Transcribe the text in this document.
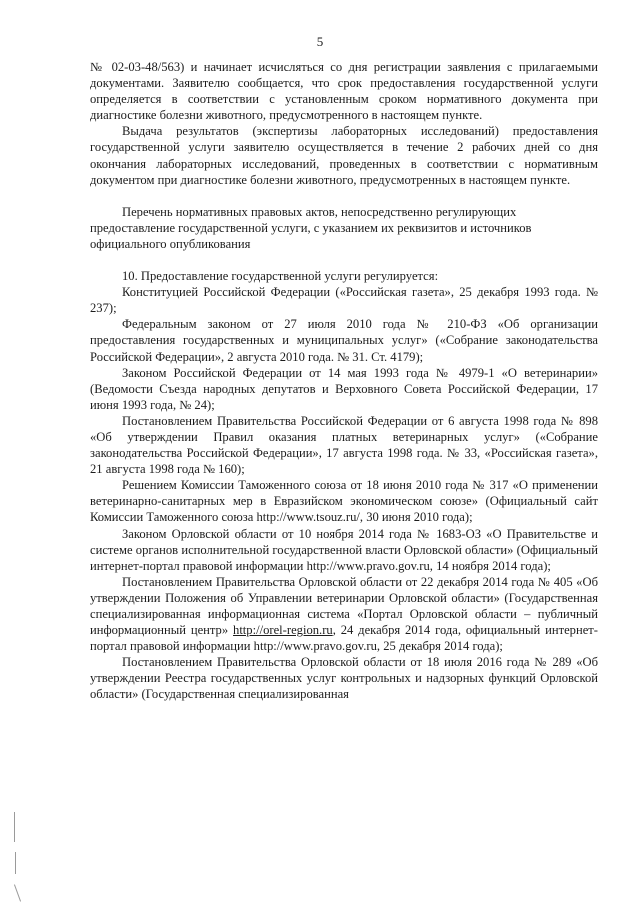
5

№ 02-03-48/563) и начинает исчисляться со дня регистрации заявления с прилагаемыми документами. Заявителю сообщается, что срок предоставления государственной услуги определяется в соответствии с установленным сроком нормативного документа при диагностике болезни животного, предусмотренного в настоящем пункте.

Выдача результатов (экспертизы лабораторных исследований) предоставления государственной услуги заявителю осуществляется в течение 2 рабочих дней со дня окончания лабораторных исследований, проведенных в соответствии с нормативным документом при диагностике болезни животного, предусмотренных в настоящем пункте.

Перечень нормативных правовых актов, непосредственно регулирующих предоставление государственной услуги, с указанием их реквизитов и источников официального опубликования

10. Предоставление государственной услуги регулируется:

Конституцией Российской Федерации («Российская газета», 25 декабря 1993 года. № 237);

Федеральным законом от 27 июля 2010 года № 210-ФЗ «Об организации предоставления государственных и муниципальных услуг» («Собрание законодательства Российской Федерации», 2 августа 2010 года. № 31. Ст. 4179);

Законом Российской Федерации от 14 мая 1993 года № 4979-1 «О ветеринарии» (Ведомости Съезда народных депутатов и Верховного Совета Российской Федерации, 17 июня 1993 года, № 24);

Постановлением Правительства Российской Федерации от 6 августа 1998 года № 898 «Об утверждении Правил оказания платных ветеринарных услуг» («Собрание законодательства Российской Федерации», 17 августа 1998 года. № 33, «Российская газета», 21 августа 1998 года № 160);

Решением Комиссии Таможенного союза от 18 июня 2010 года № 317 «О применении ветеринарно-санитарных мер в Евразийском экономическом союзе» (Официальный сайт Комиссии Таможенного союза http://www.tsouz.ru/, 30 июня 2010 года);

Законом Орловской области от 10 ноября 2014 года № 1683-ОЗ «О Правительстве и системе органов исполнительной государственной власти Орловской области» (Официальный интернет-портал правовой информации http://www.pravo.gov.ru, 14 ноября 2014 года);

Постановлением Правительства Орловской области от 22 декабря 2014 года № 405 «Об утверждении Положения об Управлении ветеринарии Орловской области» (Государственная специализированная информационная система «Портал Орловской области – публичный информационный центр» http://orel-region.ru, 24 декабря 2014 года, официальный интернет-портал правовой информации http://www.pravo.gov.ru, 25 декабря 2014 года);

Постановлением Правительства Орловской области от 18 июля 2016 года № 289 «Об утверждении Реестра государственных услуг контрольных и надзорных функций Орловской области» (Государственная специализированная
